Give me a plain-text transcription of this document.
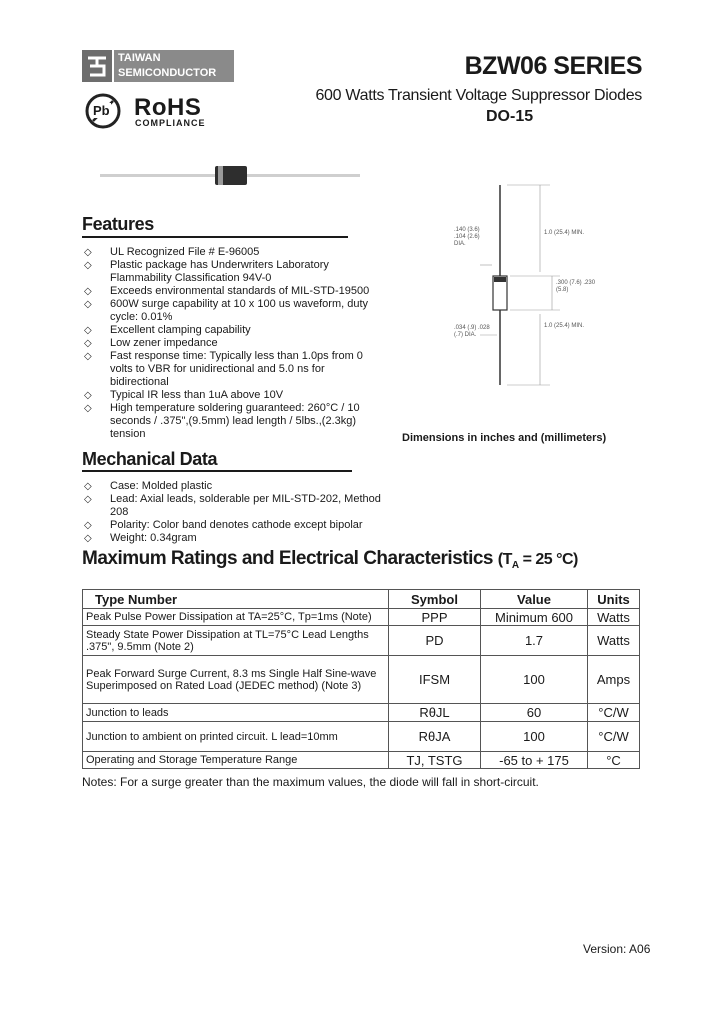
TAIWAN
SEMICONDUCTOR
Pb RoHS
COMPLIANCE
BZW06 SERIES
600 Watts Transient Voltage Suppressor Diodes
DO-15
Features
◇ UL Recognized File # E-96005
◇ Plastic package has Underwriters Laboratory Flammability Classification 94V-0
◇ Exceeds environmental standards of MIL-STD-19500
◇ 600W surge capability at 10 x 100 us waveform, duty cycle: 0.01%
◇ Excellent clamping capability
◇ Low zener impedance
◇ Fast response time: Typically less than 1.0ps from 0 volts to VBR for unidirectional and 5.0 ns for bidirectional
◇ Typical IR less than 1uA above 10V
◇ High temperature soldering guaranteed: 260°C / 10 seconds / .375",(9.5mm) lead length / 5lbs.,(2.3kg) tension
.140 (3.6) .104 (2.6) DIA.
1.0 (25.4) MIN.
.300 (7.6) .230 (5.8)
1.0 (25.4) MIN.
.034 (.9) .028 (.7) DIA.
Dimensions in inches and (millimeters)
Mechanical Data
◇ Case: Molded plastic
◇ Lead: Axial leads, solderable per MIL-STD-202, Method 208
◇ Polarity: Color band denotes cathode except bipolar
◇ Weight: 0.34gram
Maximum Ratings and Electrical Characteristics ($T_A = 25$ °C)
Type Number	Symbol	Value	Units
Peak Pulse Power Dissipation at TA=25°C, Tp=1ms (Note)	PPP	Minimum 600	Watts
Steady State Power Dissipation at TL=75°C Lead Lengths .375", 9.5mm (Note 2)	PD	1.7	Watts
Peak Forward Surge Current, 8.3 ms Single Half Sine-wave Superimposed on Rated Load (JEDEC method) (Note 3)	IFSM	100	Amps
Junction to leads	RθJL	60	°C/W
Junction to ambient on printed circuit. L lead=10mm	RθJA	100	°C/W
Operating and Storage Temperature Range	TJ, TSTG	-65 to + 175	°C
Notes: For a surge greater than the maximum values, the diode will fall in short-circuit.
Version: A06
